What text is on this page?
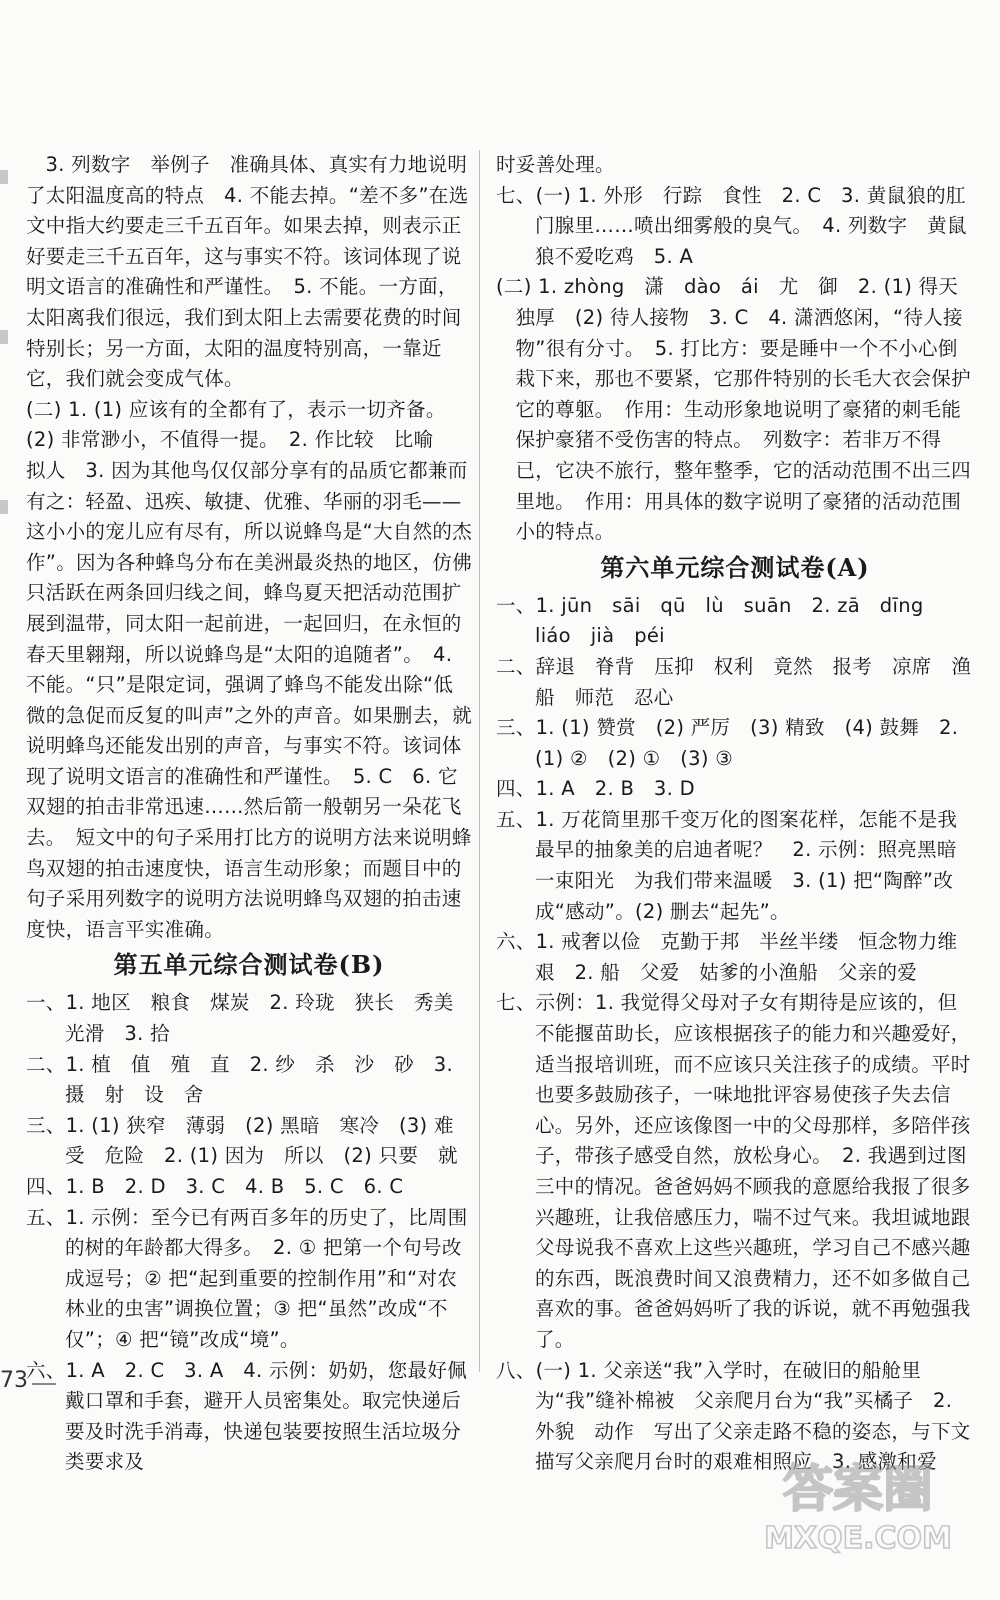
3. 列数字　举例子　准确具体、真实有力地说明了太阳温度高的特点　4. 不能去掉。“差不多”在选文中指大约要走三千五百年。如果去掉，则表示正好要走三千五百年，这与事实不符。该词体现了说明文语言的准确性和严谨性。　5. 不能。一方面，太阳离我们很远，我们到太阳上去需要花费的时间特别长；另一方面，太阳的温度特别高，一靠近它，我们就会变成气体。

(二) 1. (1) 应该有的全都有了，表示一切齐备。(2) 非常渺小，不值得一提。　2. 作比较　比喻　拟人　3. 因为其他鸟仅仅部分享有的品质它都兼而有之：轻盈、迅疾、敏捷、优雅、华丽的羽毛——这小小的宠儿应有尽有，所以说蜂鸟是“大自然的杰作”。因为各种蜂鸟分布在美洲最炎热的地区，仿佛只活跃在两条回归线之间，蜂鸟夏天把活动范围扩展到温带，同太阳一起前进，一起回归，在永恒的春天里翱翔，所以说蜂鸟是“太阳的追随者”。　4. 不能。“只”是限定词，强调了蜂鸟不能发出除“低微的急促而反复的叫声”之外的声音。如果删去，就说明蜂鸟还能发出别的声音，与事实不符。该词体现了说明文语言的准确性和严谨性。　5. C　6. 它双翅的拍击非常迅速……然后箭一般朝另一朵花飞去。　短文中的句子采用打比方的说明方法来说明蜂鸟双翅的拍击速度快，语言生动形象；而题目中的句子采用列数字的说明方法说明蜂鸟双翅的拍击速度快，语言平实准确。

第五单元综合测试卷(B)

一、1. 地区　粮食　煤炭　2. 玲珑　狭长　秀美　光滑　3. 拾

二、1. 植　值　殖　直　2. 纱　杀　沙　砂　3. 摄　射　设　舍

三、1. (1) 狭窄　薄弱　(2) 黑暗　寒冷　(3) 难受　危险　2. (1) 因为　所以　(2) 只要　就

四、1. B　2. D　3. C　4. B　5. C　6. C

五、1. 示例：至今已有两百多年的历史了，比周围的树的年龄都大得多。　2. ① 把第一个句号改成逗号；② 把“起到重要的控制作用”和“对农林业的虫害”调换位置；③ 把“虽然”改成“不仅”；④ 把“镜”改成“境”。

六、1. A　2. C　3. A　4. 示例：奶奶，您最好佩戴口罩和手套，避开人员密集处。取完快递后要及时洗手消毒，快递包装要按照生活垃圾分类要求及

时妥善处理。

七、(一) 1. 外形　行踪　食性　2. C　3. 黄鼠狼的肛门腺里……喷出细雾般的臭气。　4. 列数字　黄鼠狼不爱吃鸡　5. A

(二) 1. zhòng　潇　dào　ái　尤　御　2. (1) 得天独厚　(2) 待人接物　3. C　4. 潇洒悠闲，“待人接物”很有分寸。　5. 打比方：要是睡中一个不小心倒栽下来，那也不要紧，它那件特别的长毛大衣会保护它的尊躯。　作用：生动形象地说明了豪猪的刺毛能保护豪猪不受伤害的特点。　列数字：若非万不得已，它决不旅行，整年整季，它的活动范围不出三四里地。　作用：用具体的数字说明了豪猪的活动范围小的特点。

第六单元综合测试卷(A)

一、1. jūn　sāi　qū　lù　suān　2. zā　dīng　liáo　jià　péi

二、辞退　脊背　压抑　权利　竟然　报考　凉席　渔船　师范　忍心

三、1. (1) 赞赏　(2) 严厉　(3) 精致　(4) 鼓舞　2. (1) ②　(2) ①　(3) ③

四、1. A　2. B　3. D

五、1. 万花筒里那千变万化的图案花样，怎能不是我最早的抽象美的启迪者呢？　2. 示例：照亮黑暗一束阳光　为我们带来温暖　3. (1) 把“陶醉”改成“感动”。(2) 删去“起先”。

六、1. 戒奢以俭　克勤于邦　半丝半缕　恒念物力维艰　2. 船　父爱　姑爹的小渔船　父亲的爱

七、示例：1. 我觉得父母对子女有期待是应该的，但不能揠苗助长，应该根据孩子的能力和兴趣爱好，适当报培训班，而不应该只关注孩子的成绩。平时也要多鼓励孩子，一味地批评容易使孩子失去信心。另外，还应该像图一中的父母那样，多陪伴孩子，带孩子感受自然，放松身心。　2. 我遇到过图三中的情况。爸爸妈妈不顾我的意愿给我报了很多兴趣班，让我倍感压力，喘不过气来。我坦诚地跟父母说我不喜欢上这些兴趣班，学习自己不感兴趣的东西，既浪费时间又浪费精力，还不如多做自己喜欢的事。爸爸妈妈听了我的诉说，就不再勉强我了。

八、(一) 1. 父亲送“我”入学时，在破旧的船舱里为“我”缝补棉被　父亲爬月台为“我”买橘子　2. 外貌　动作　写出了父亲走路不稳的姿态，与下文描写父亲爬月台时的艰难相照应　3. 感激和爱

73
答案圈
MXQE.COM
